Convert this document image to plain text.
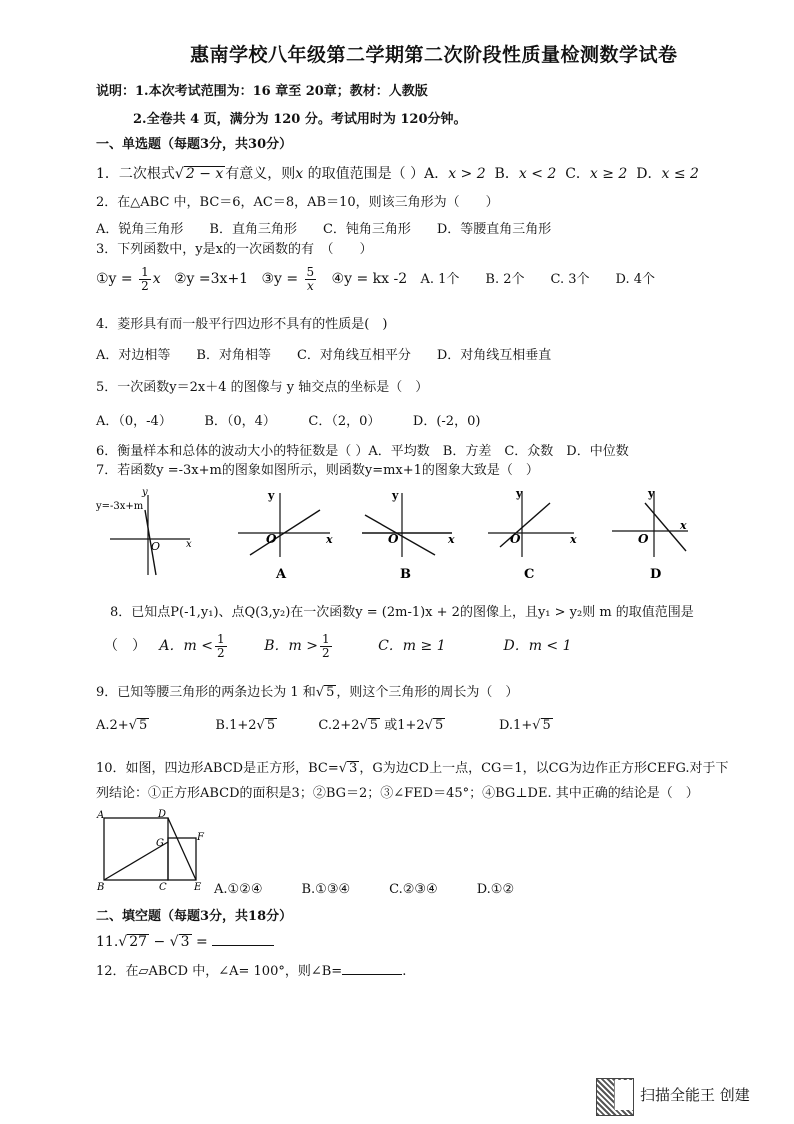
惠南学校八年级第二学期第二次阶段性质量检测数学试卷
说明：1.本次考试范围为：16 章至 20章；教材：人教版
2.全卷共 4 页，满分为 120 分。考试用时为 120分钟。
一、单选题（每题3分，共30分）
1．二次根式√ 2 − x 有意义，则x 的取值范围是（ ）A．x > 2 B．x < 2 C．x ≥ 2 D．x ≤ 2
2．在△ABC 中，BC＝6，AC＝8，AB＝10，则该三角形为（　　）
A．锐角三角形　　B．直角三角形　　C．钝角三角形　　D．等腰直角三角形
3．下列函数中，y是x的一次函数的有　（　　）
①y = $\frac{1}{2}$ x ②y =3x+1 ③y = $\frac{5}{x}$ ④y = kx -2 A. 1个　　B. 2个　　C. 3个　　D. 4个
4．菱形具有而一般平行四边形不具有的性质是(　)
A．对边相等　　B．对角相等　　C．对角线互相平分　　D．对角线互相垂直
5．一次函数y＝2x＋4 的图像与 y 轴交点的坐标是（　）
A．（0，-4）　　　B．（0，4）　　　C．（2，0）　　　D．(-2，0)
6．衡量样本和总体的波动大小的特征数是（ ）A．平均数　B．方差　C．众数　D．中位数
7．若函数y =-3x+m的图象如图所示，则函数y=mx+1的图象大致是（　）
y=-3x+m
y
x
O
y
x
O
A
y
x
O
B
y
x
O
C
y
x
O
D
8．已知点P(-1,y₁)、点Q(3,y₂)在一次函数y = (2m-1)x + 2的图像上，且y₁ > y₂则 m 的取值范围是
（　） A．$m < \frac{1}{2}$	B．$m > \frac{1}{2}$	C．m ≥ 1	D．m < 1
9．已知等腰三角形的两条边长为 1 和√ 5 ，则这个三角形的周长为（　）
A.2+√ 5	B.1+2√ 5	C.2+2√ 5 或1+2√ 5	D.1+√ 5
10．如图，四边形ABCD是正方形，BC=√ 3 ，G为边CD上一点，CG＝1，以CG为边作正方形CEFG.对于下
列结论：①正方形ABCD的面积是3；②BG＝2；③∠FED＝45°；④BG⊥DE. 其中正确的结论是（　）
A	D
G
F
B	C	E A.①②④　　　B.①③④　　　C.②③④　　　D.①②
二、填空题（每题3分，共18分）
11.√ 27 − √ 3 =
12．在▱ABCD 中，∠A= 100°，则∠B=	.
扫描全能王 创建
